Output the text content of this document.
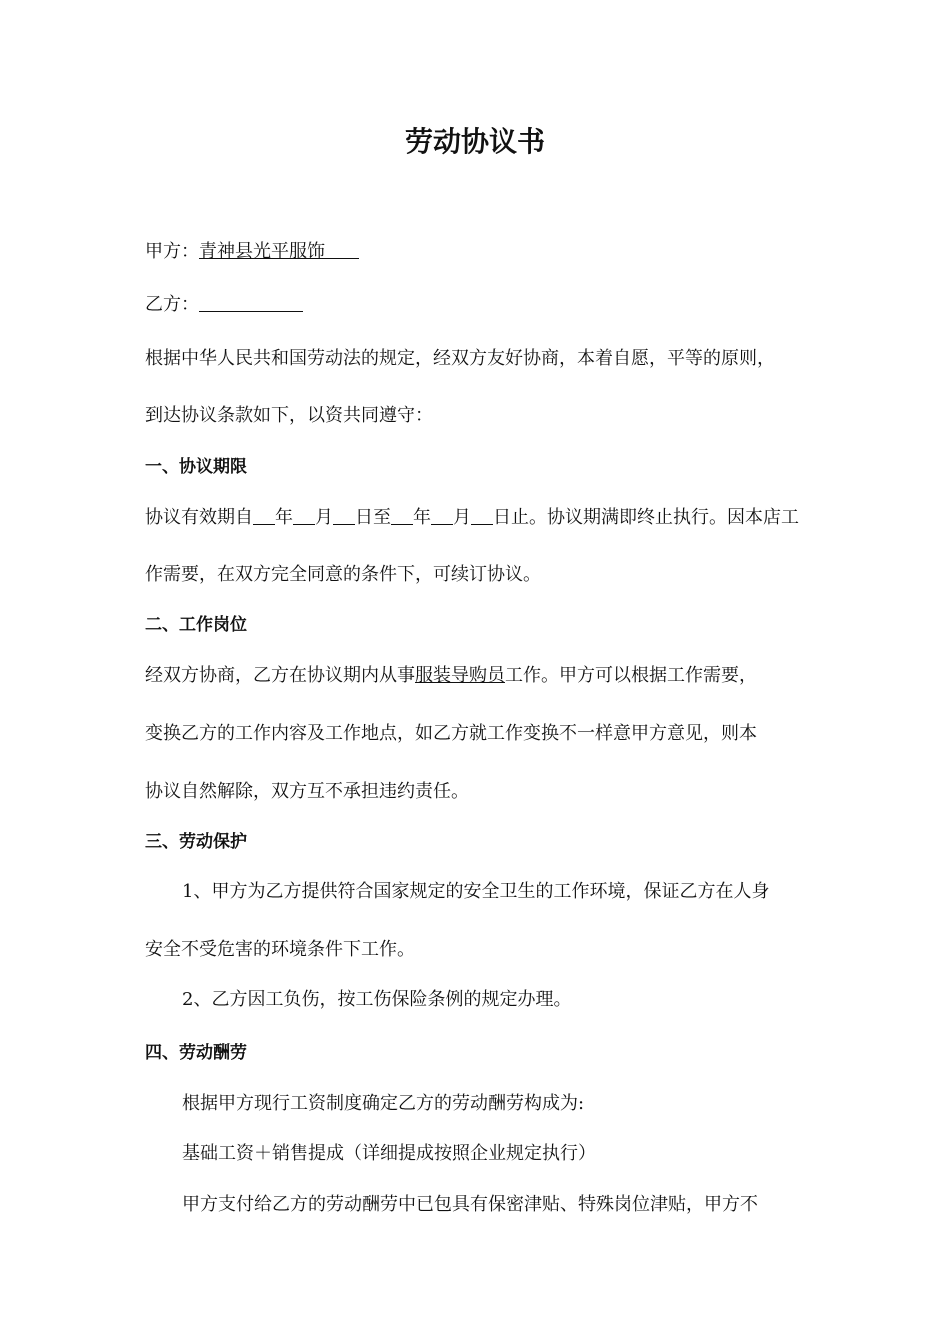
劳动协议书
甲方：青神县光平服饰
乙方：
根据中华人民共和国劳动法的规定，经双方友好协商，本着自愿，平等的原则，
到达协议条款如下，以资共同遵守：
一、协议期限
协议有效期自 年 月 日至 年 月 日止。协议期满即终止执行。因本店工
作需要，在双方完全同意的条件下，可续订协议。
二、工作岗位
经双方协商，乙方在协议期内从事服装导购员工作。甲方可以根据工作需要，
变换乙方的工作内容及工作地点，如乙方就工作变换不一样意甲方意见，则本
协议自然解除，双方互不承担违约责任。
三、劳动保护
1、甲方为乙方提供符合国家规定的安全卫生的工作环境，保证乙方在人身
安全不受危害的环境条件下工作。
2、乙方因工负伤，按工伤保险条例的规定办理。
四、劳动酬劳
根据甲方现行工资制度确定乙方的劳动酬劳构成为:
基础工资＋销售提成（详细提成按照企业规定执行）
甲方支付给乙方的劳动酬劳中已包具有保密津贴、特殊岗位津贴，甲方不
